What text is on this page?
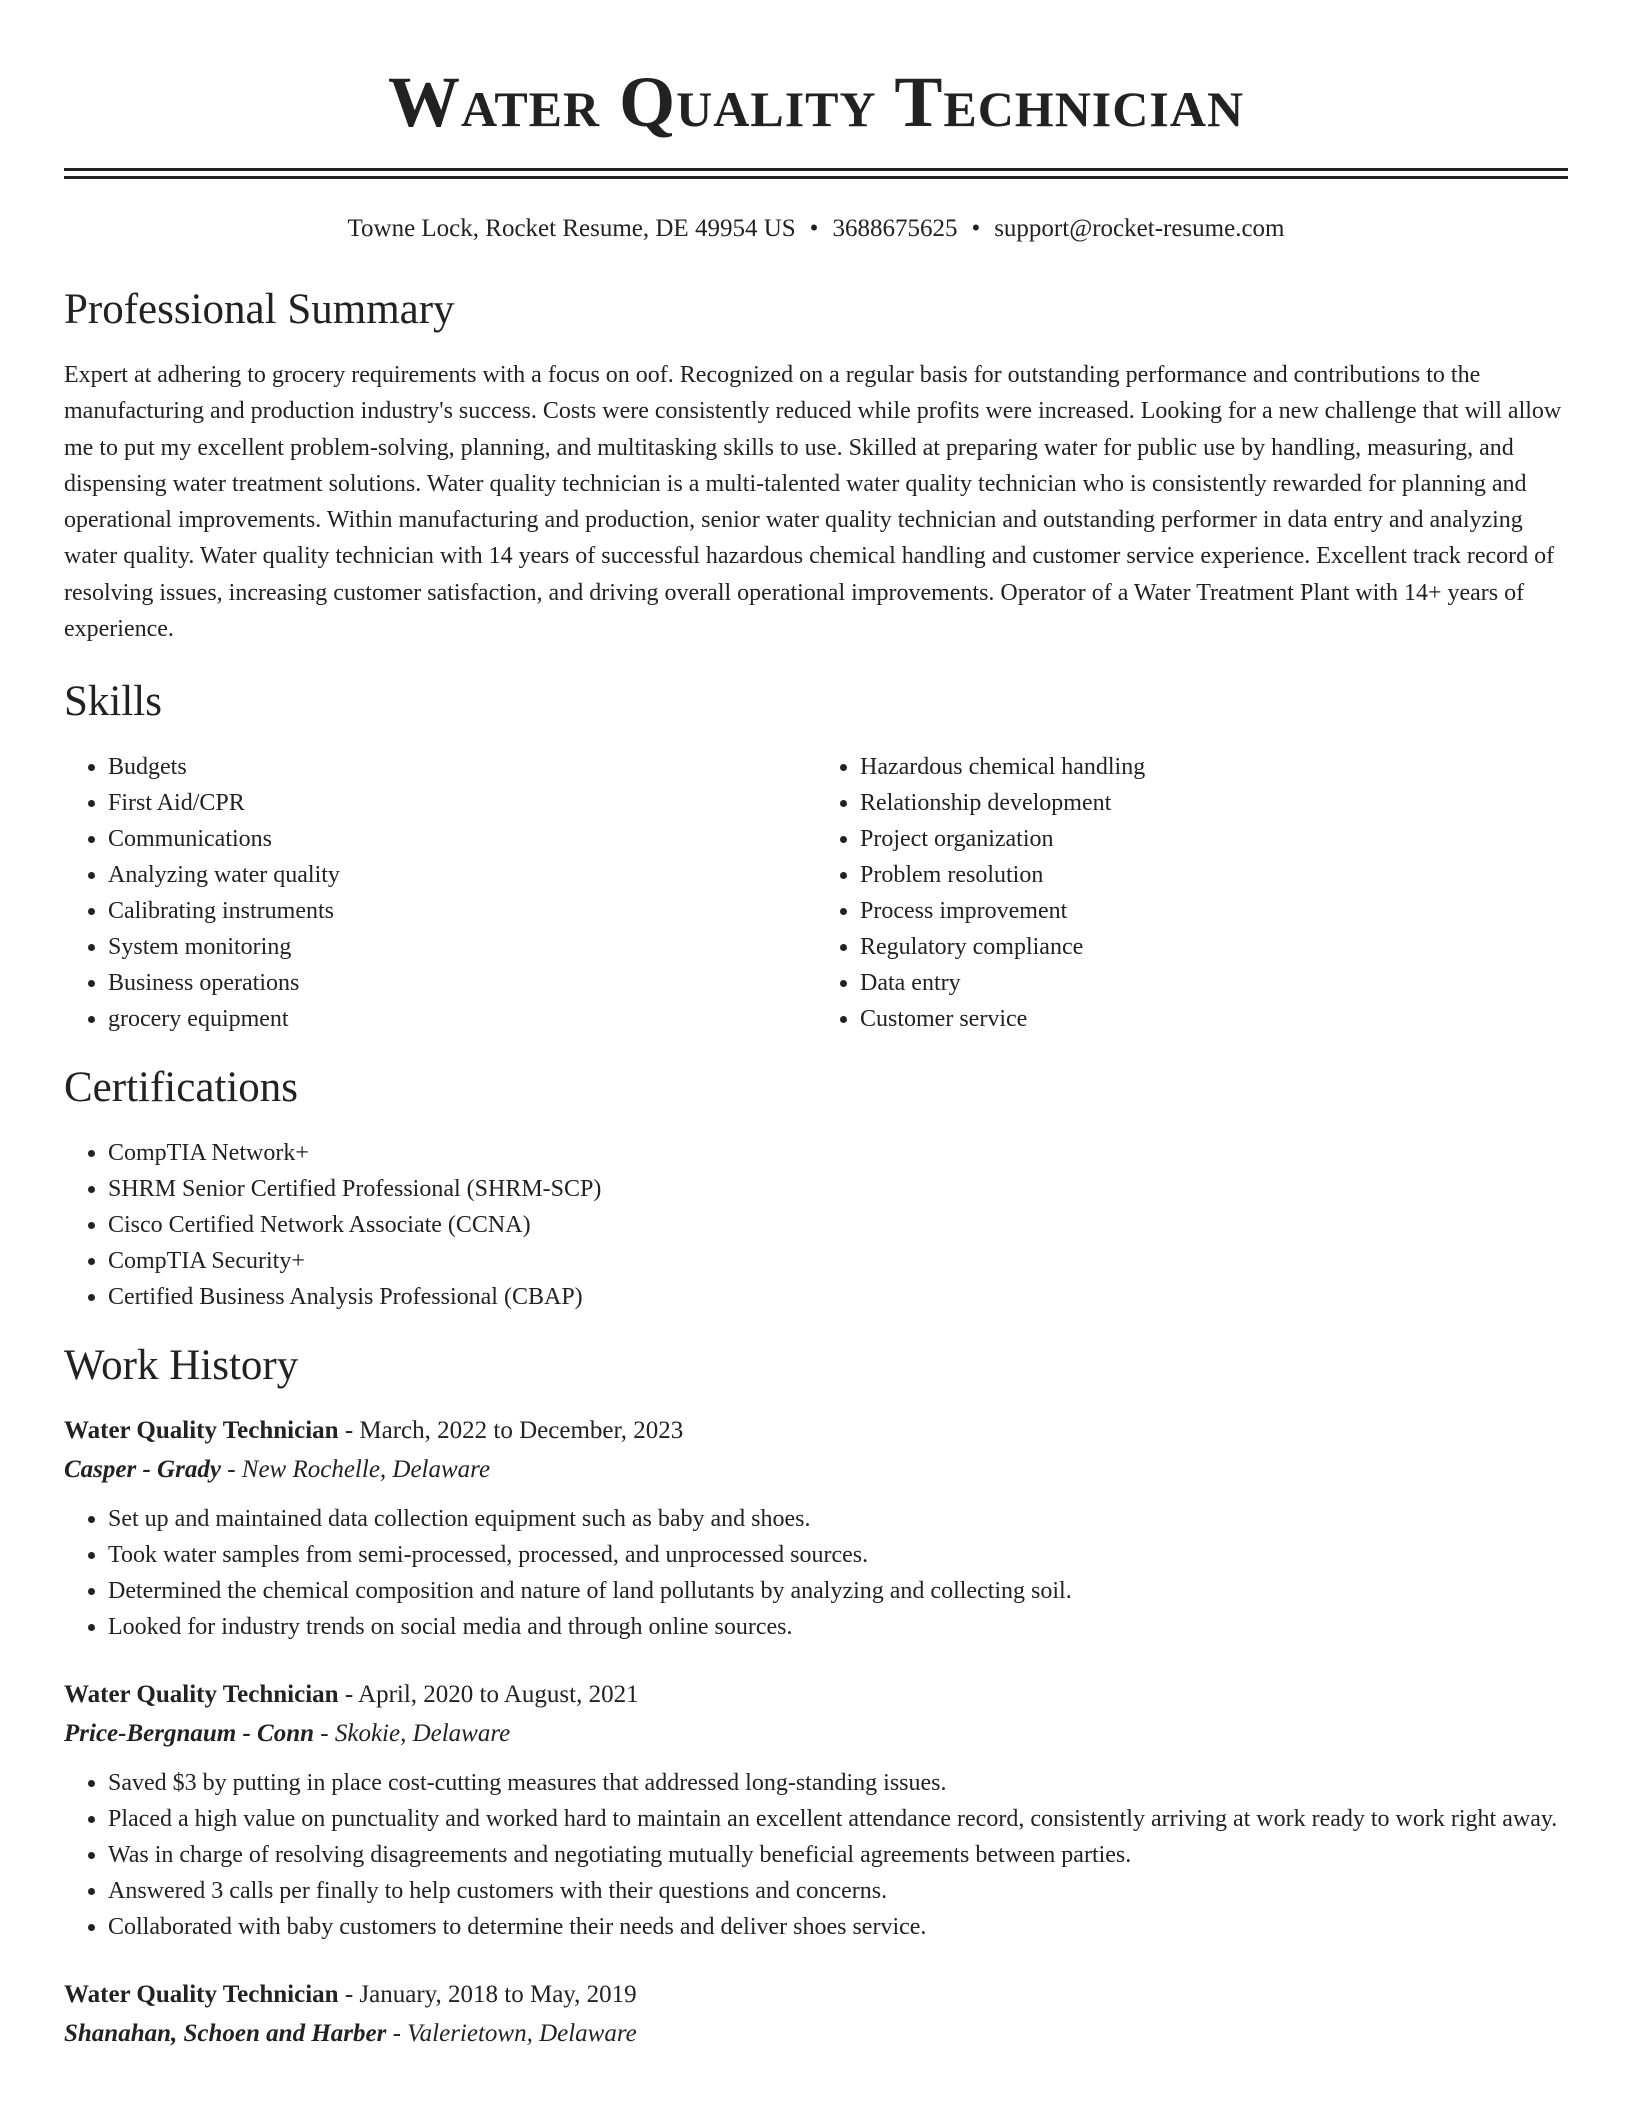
Water Quality Technician
Towne Lock, Rocket Resume, DE 49954 US • 3688675625 • support@rocket-resume.com
Professional Summary
Expert at adhering to grocery requirements with a focus on oof. Recognized on a regular basis for outstanding performance and contributions to the manufacturing and production industry's success. Costs were consistently reduced while profits were increased. Looking for a new challenge that will allow me to put my excellent problem-solving, planning, and multitasking skills to use. Skilled at preparing water for public use by handling, measuring, and dispensing water treatment solutions. Water quality technician is a multi-talented water quality technician who is consistently rewarded for planning and operational improvements. Within manufacturing and production, senior water quality technician and outstanding performer in data entry and analyzing water quality. Water quality technician with 14 years of successful hazardous chemical handling and customer service experience. Excellent track record of resolving issues, increasing customer satisfaction, and driving overall operational improvements. Operator of a Water Treatment Plant with 14+ years of experience.
Skills
• Budgets
• First Aid/CPR
• Communications
• Analyzing water quality
• Calibrating instruments
• System monitoring
• Business operations
• grocery equipment
• Hazardous chemical handling
• Relationship development
• Project organization
• Problem resolution
• Process improvement
• Regulatory compliance
• Data entry
• Customer service
Certifications
• CompTIA Network+
• SHRM Senior Certified Professional (SHRM-SCP)
• Cisco Certified Network Associate (CCNA)
• CompTIA Security+
• Certified Business Analysis Professional (CBAP)
Work History
Water Quality Technician - March, 2022 to December, 2023
Casper - Grady - New Rochelle, Delaware
• Set up and maintained data collection equipment such as baby and shoes.
• Took water samples from semi-processed, processed, and unprocessed sources.
• Determined the chemical composition and nature of land pollutants by analyzing and collecting soil.
• Looked for industry trends on social media and through online sources.
Water Quality Technician - April, 2020 to August, 2021
Price-Bergnaum - Conn - Skokie, Delaware
• Saved $3 by putting in place cost-cutting measures that addressed long-standing issues.
• Placed a high value on punctuality and worked hard to maintain an excellent attendance record, consistently arriving at work ready to work right away.
• Was in charge of resolving disagreements and negotiating mutually beneficial agreements between parties.
• Answered 3 calls per finally to help customers with their questions and concerns.
• Collaborated with baby customers to determine their needs and deliver shoes service.
Water Quality Technician - January, 2018 to May, 2019
Shanahan, Schoen and Harber - Valerietown, Delaware
